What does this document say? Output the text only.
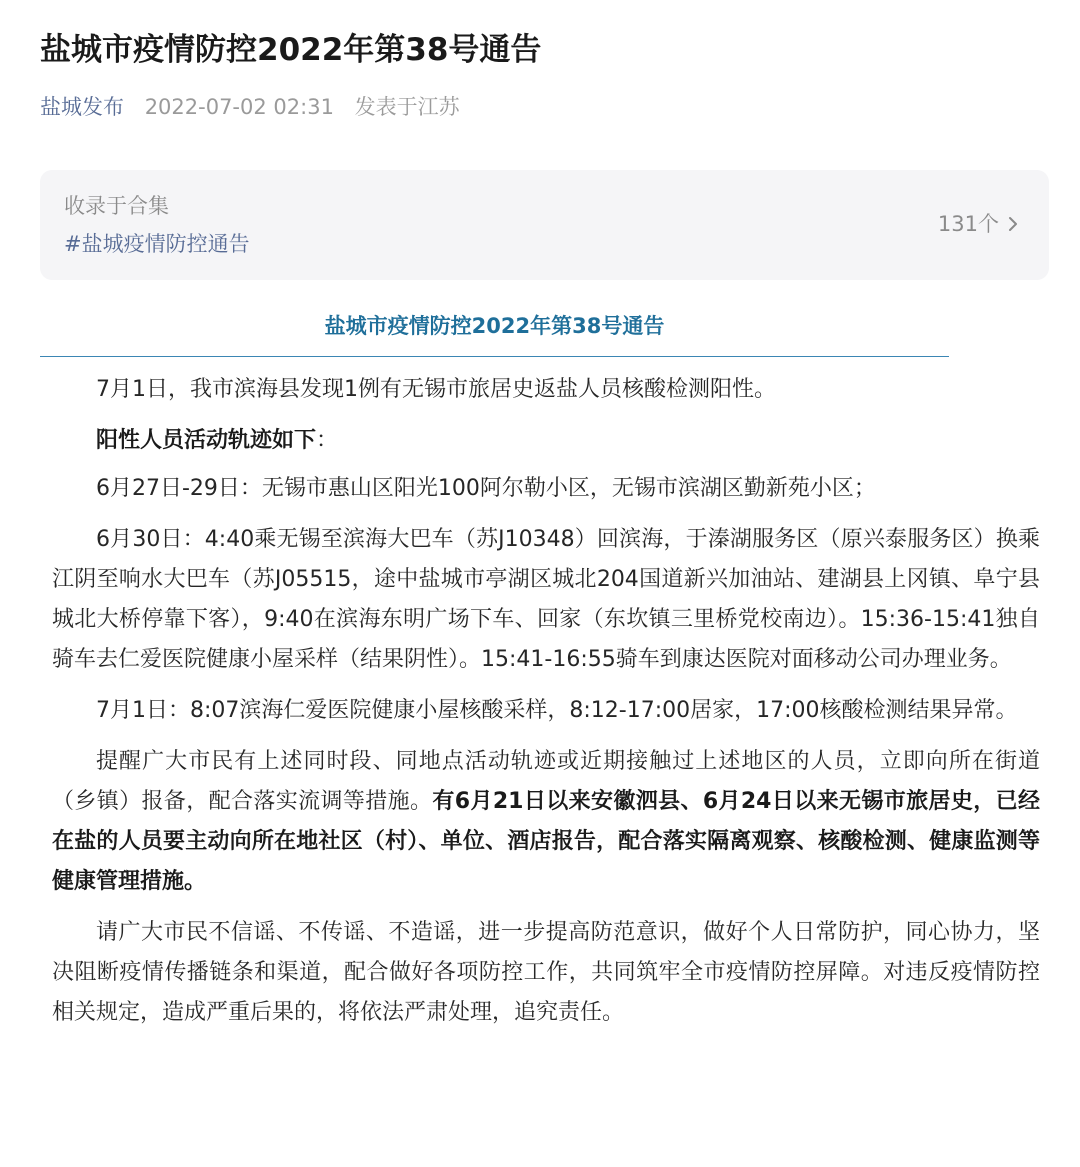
盐城市疫情防控2022年第38号通告
盐城发布 2022-07-02 02:31 发表于江苏
收录于合集
#盐城疫情防控通告
131个
盐城市疫情防控2022年第38号通告

7月1日，我市滨海县发现1例有无锡市旅居史返盐人员核酸检测阳性。

阳性人员活动轨迹如下：

6月27日-29日：无锡市惠山区阳光100阿尔勒小区，无锡市滨湖区勤新苑小区；

6月30日：4:40乘无锡至滨海大巴车（苏J10348）回滨海，于溱湖服务区（原兴泰服务区）换乘江阴至响水大巴车（苏J05515，途中盐城市亭湖区城北204国道新兴加油站、建湖县上冈镇、阜宁县城北大桥停靠下客），9:40在滨海东明广场下车、回家（东坎镇三里桥党校南边）。15:36-15:41独自骑车去仁爱医院健康小屋采样（结果阴性）。15:41-16:55骑车到康达医院对面移动公司办理业务。

7月1日：8:07滨海仁爱医院健康小屋核酸采样，8:12-17:00居家，17:00核酸检测结果异常。

提醒广大市民有上述同时段、同地点活动轨迹或近期接触过上述地区的人员，立即向所在街道（乡镇）报备，配合落实流调等措施。有6月21日以来安徽泗县、6月24日以来无锡市旅居史，已经在盐的人员要主动向所在地社区（村）、单位、酒店报告，配合落实隔离观察、核酸检测、健康监测等健康管理措施。

请广大市民不信谣、不传谣、不造谣，进一步提高防范意识，做好个人日常防护，同心协力，坚决阻断疫情传播链条和渠道，配合做好各项防控工作，共同筑牢全市疫情防控屏障。对违反疫情防控相关规定，造成严重后果的，将依法严肃处理，追究责任。
